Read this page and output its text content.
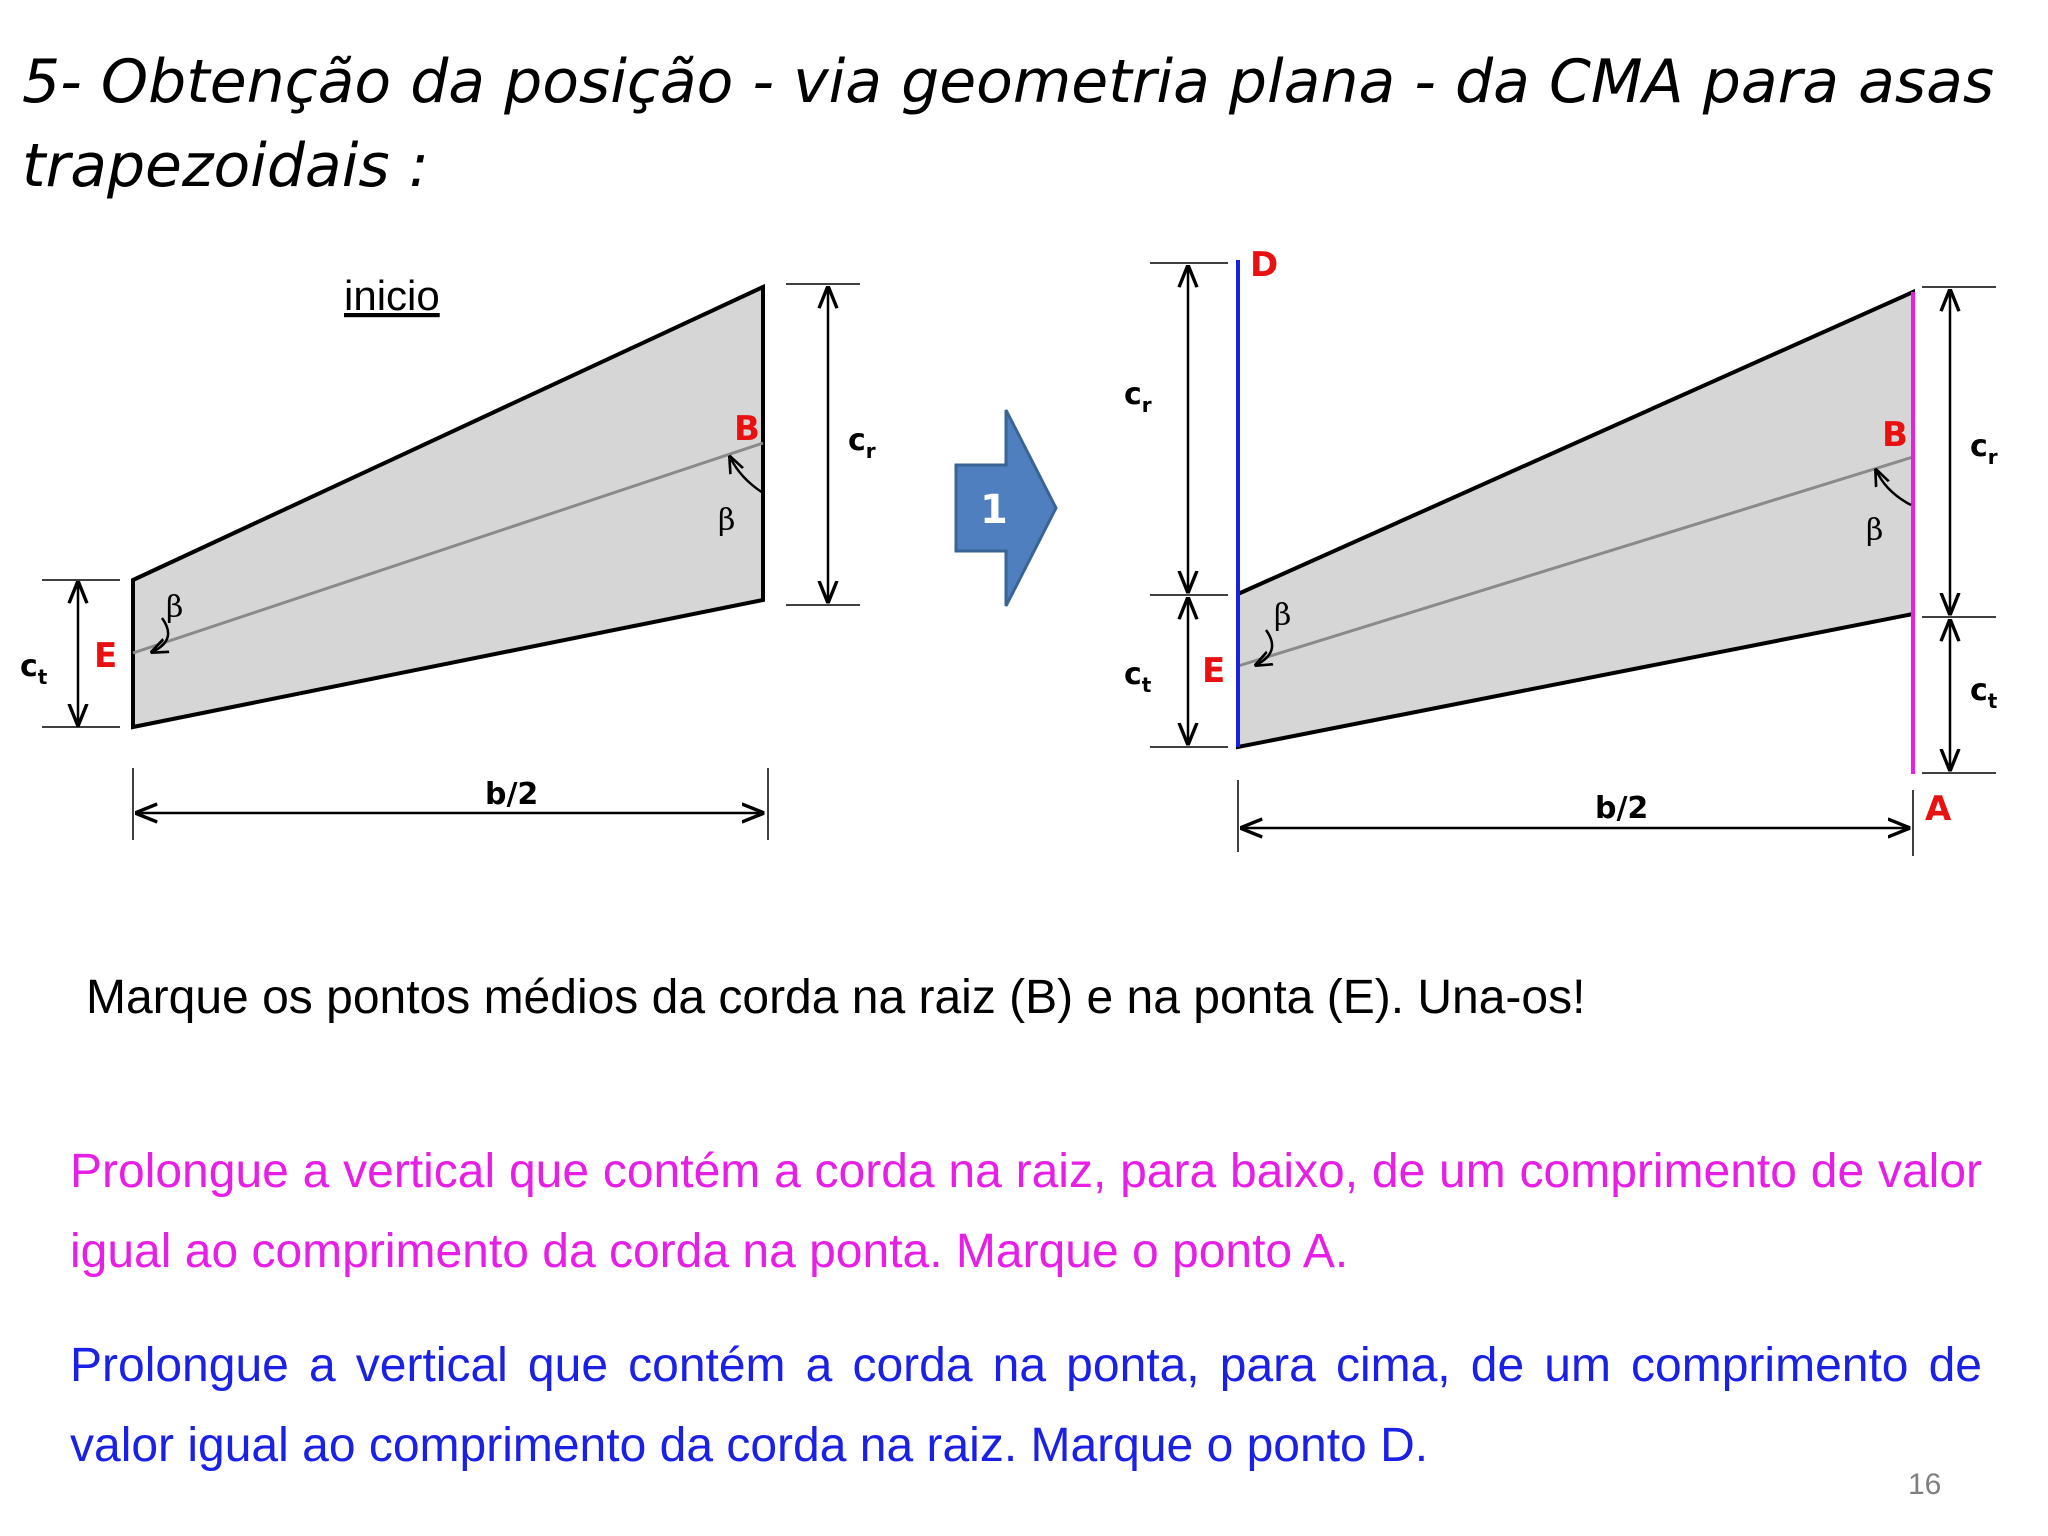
5- Obtenção da posição - via geometria plana - da CMA para asas
trapezoidais :
inicio
β
β
E
B
$c_t$
$c_r$
b/2
1
β
β
D
E
B
A
$c_r$
$c_t$
$c_r$
$c_t$
b/2

Marque os pontos médios da corda na raiz (B) e na ponta (E). Una-os!

Prolongue a vertical que contém a corda na raiz, para baixo, de um comprimento de valor igual ao comprimento da corda na ponta. Marque o ponto A.

Prolongue a vertical que contém a corda na ponta, para cima, de um comprimento de valor igual ao comprimento da corda na raiz. Marque o ponto D.

16
